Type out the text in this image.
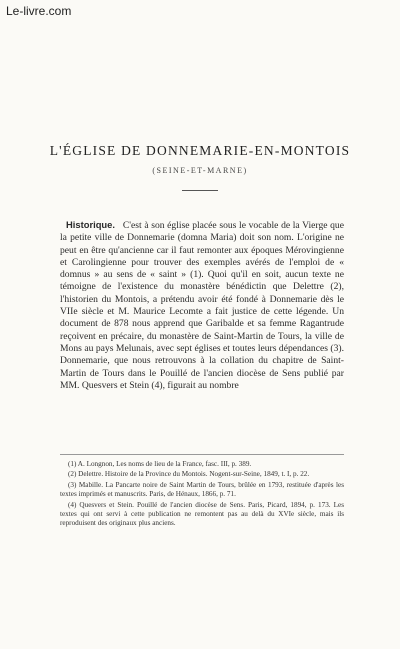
Le-livre.com
L'ÉGLISE DE DONNEMARIE-EN-MONTOIS
(SEINE-ET-MARNE)
Historique. C'est à son église placée sous le vocable de la Vierge que la petite ville de Donnemarie (domna Maria) doit son nom. L'origine ne peut en être qu'ancienne car il faut remonter aux époques Mérovingienne et Carolingienne pour trouver des exemples avérés de l'emploi de « domnus » au sens de « saint » (1). Quoi qu'il en soit, aucun texte ne témoigne de l'existence du monastère bénédictin que Delettre (2), l'historien du Montois, a prétendu avoir été fondé à Donnemarie dès le VIIe siècle et M. Maurice Lecomte a fait justice de cette légende. Un document de 878 nous apprend que Garibalde et sa femme Ragantrude reçoivent en précaire, du monastère de Saint-Martin de Tours, la ville de Mons au pays Melunais, avec sept églises et toutes leurs dépendances (3). Donnemarie, que nous retrouvons à la collation du chapitre de Saint-Martin de Tours dans le Pouillé de l'ancien diocèse de Sens publié par MM. Quesvers et Stein (4), figurait au nombre

(1) A. Longnon, Les noms de lieu de la France, fasc. III, p. 389.

(2) Delettre. Histoire de la Province du Montois. Nogent-sur-Seine, 1849, t. I, p. 22.

(3) Mabille. La Pancarte noire de Saint Martin de Tours, brûlée en 1793, restituée d'après les textes imprimés et manuscrits. Paris, de Hénaux, 1866, p. 71.

(4) Quesvers et Stein. Pouillé de l'ancien diocèse de Sens. Paris, Picard, 1894, p. 173. Les textes qui ont servi à cette publication ne remontent pas au delà du XVIe siècle, mais ils reproduisent des originaux plus anciens.
